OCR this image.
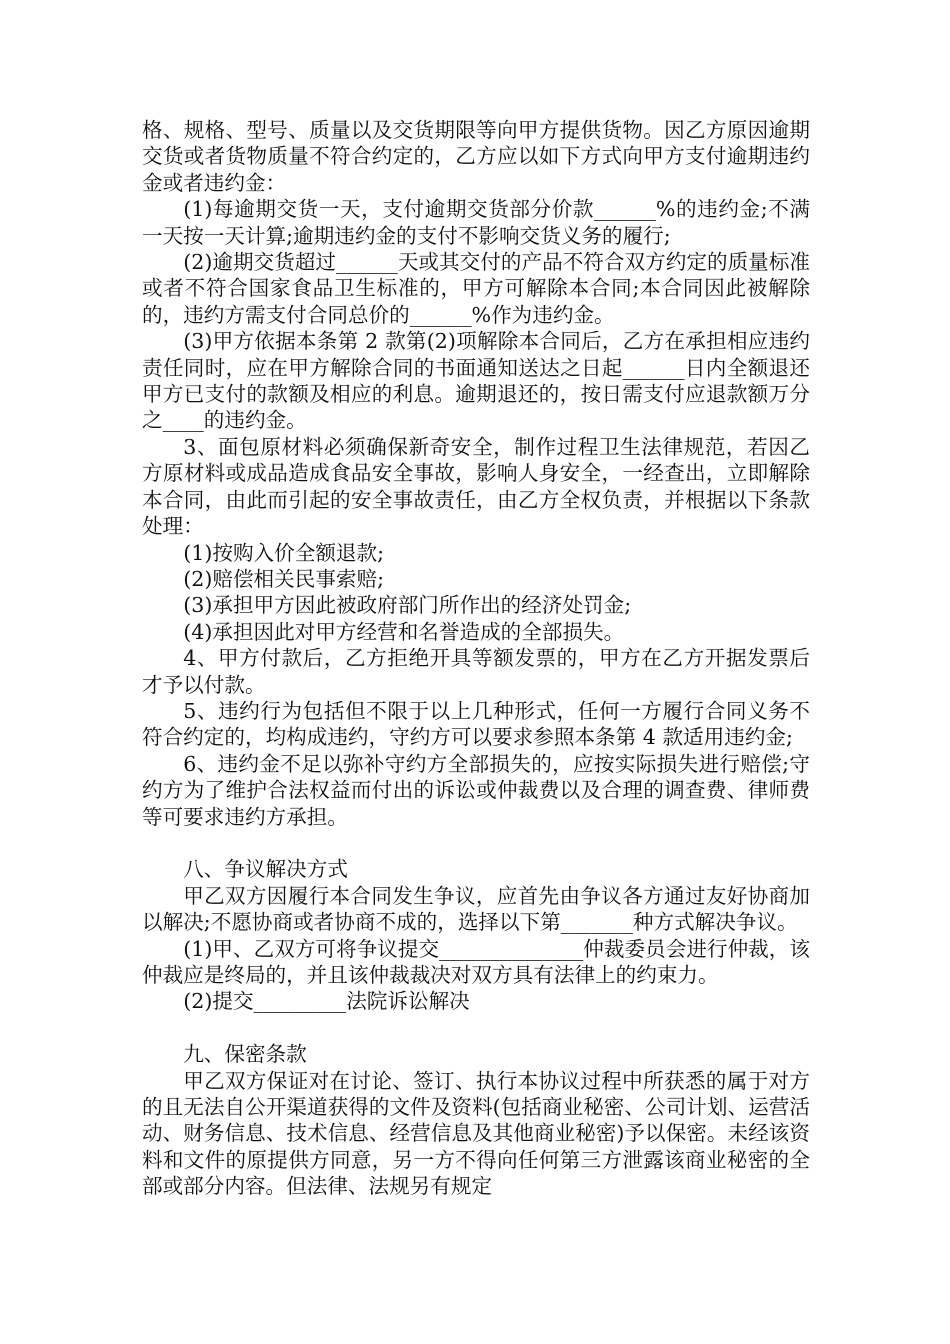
格、规格、型号、质量以及交货期限等向甲方提供货物。因乙方原因逾期交货或者货物质量不符合约定的，乙方应以如下方式向甲方支付逾期违约金或者违约金：

(1)每逾期交货一天，支付逾期交货部分价款______%的违约金;不满一天按一天计算;逾期违约金的支付不影响交货义务的履行;

(2)逾期交货超过______天或其交付的产品不符合双方约定的质量标准或者不符合国家食品卫生标准的，甲方可解除本合同;本合同因此被解除的，违约方需支付合同总价的______%作为违约金。

(3)甲方依据本条第 2 款第(2)项解除本合同后，乙方在承担相应违约责任同时，应在甲方解除合同的书面通知送达之日起______日内全额退还甲方已支付的款额及相应的利息。逾期退还的，按日需支付应退款额万分之____的违约金。

3、面包原材料必须确保新奇安全，制作过程卫生法律规范，若因乙方原材料或成品造成食品安全事故，影响人身安全，一经查出，立即解除本合同，由此而引起的安全事故责任，由乙方全权负责，并根据以下条款处理：

(1)按购入价全额退款;

(2)赔偿相关民事索赔;

(3)承担甲方因此被政府部门所作出的经济处罚金;

(4)承担因此对甲方经营和名誉造成的全部损失。

4、甲方付款后，乙方拒绝开具等额发票的，甲方在乙方开据发票后才予以付款。

5、违约行为包括但不限于以上几种形式，任何一方履行合同义务不符合约定的，均构成违约，守约方可以要求参照本条第 4 款适用违约金;

6、违约金不足以弥补守约方全部损失的，应按实际损失进行赔偿;守约方为了维护合法权益而付出的诉讼或仲裁费以及合理的调查费、律师费等可要求违约方承担。

八、争议解决方式

甲乙双方因履行本合同发生争议，应首先由争议各方通过友好协商加以解决;不愿协商或者协商不成的，选择以下第_______种方式解决争议。

(1)甲、乙双方可将争议提交______________仲裁委员会进行仲裁，该仲裁应是终局的，并且该仲裁裁决对双方具有法律上的约束力。

(2)提交_________法院诉讼解决

九、保密条款

甲乙双方保证对在讨论、签订、执行本协议过程中所获悉的属于对方的且无法自公开渠道获得的文件及资料(包括商业秘密、公司计划、运营活动、财务信息、技术信息、经营信息及其他商业秘密)予以保密。未经该资料和文件的原提供方同意，另一方不得向任何第三方泄露该商业秘密的全部或部分内容。但法律、法规另有规定
